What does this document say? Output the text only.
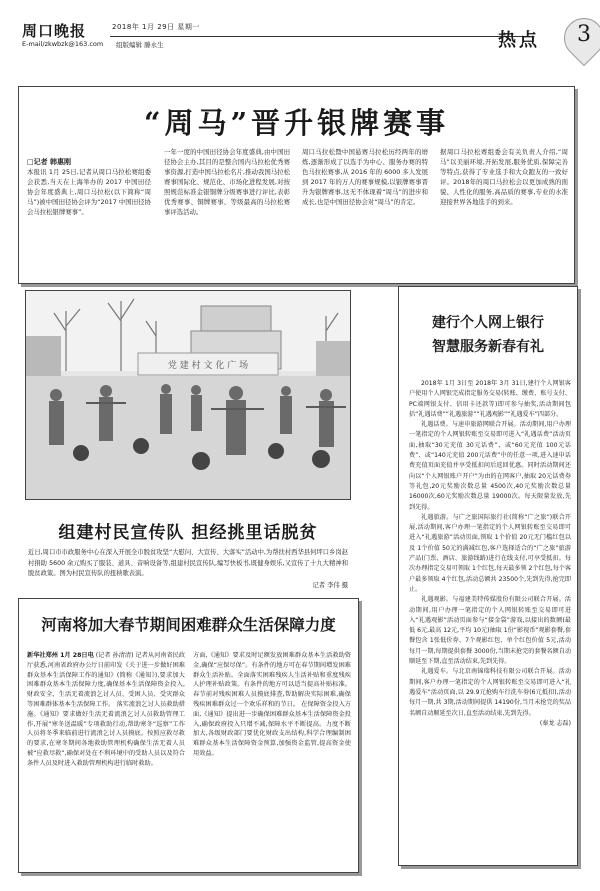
周口晚报	2018年 1月 29日 星期一
E-mail/zkwbzk@163.com 组版编辑 滕永生	热点	3
“周马”晋升银牌赛事
□记者 韩惠刚
本报讯 1月 25日,记者从周口马拉松赛组委会获悉,当天在上海举办的 2017 中国田径协会年度盛典上,周口马拉松(以下简称“周马”)被中国田径协会评为“2017 中国田径协会马拉松银牌赛事”。
一年一度的中国田径协会年度盛典,由中国田径协会主办,其目的是整合国内马拉松优秀赛事资源,打造中国马拉松名片,推动我国马拉松赛事国际化、规范化、市场化进程发展,对按照规范标准金银铜牌分级赛事进行评比,表彰优秀赛事、铜牌赛事、等级最高的马拉松赛事评选活动。
周口马拉松暨中国悬赛马拉松历经两年的磨炼,逐渐形成了以选手为中心、服务办赛的特色马拉松赛事,从 2016 年的 6000 多人发展到 2017 年的万人的赛事规模,以银牌赛事晋升为银牌赛事,这无不体现着“周马”的进步和成长,也是中国田径协会对“周马”的肯定。
据周口马拉松赛组委会有关负责人介绍,“周马”以美丽环境,开拓发展,服务优质,保障完善等特点,获得了专业选手和大众跑友的一致好评。2018年的周口马拉松会以更加成熟的面貌、人性化的服务,高品质的赛事,专业的水准迎接世界各地选手的到来。
党 建 村 文 化 广 场
组建村民宣传队 担经挑里话脱贫
近日,周口市市政服务中心在深入开展全市脱贫攻坚“大慰问、大宣传、大落实”活动中,为帮扶村西华县何坪口乡岗赵村捐助 5600 余元购买了服装、道具、音响设备等,组建村民宣传队,编写快板书,既健身娱乐,又宣传了十九大精神和脱贫政策。图为村民宣传队的扭秧歌表演。
记者 李伟 摄
河南将加大春节期间困难群众生活保障力度
新华社郑州 1月 28日电 (记者 孙清清) 记者从河南省民政厅获悉,河南省政府办公厅日前印发《关于进一步做好困难群众基本生活保障工作的通知》(简称《通知》),要求加大困难群众基本生活保障力度,确保基本生活保障资金投入,财政安全、生活无着流浪乞讨人员、受困人员、受灾群众等困难群体基本生活保障工作。 落实流浪乞讨人员救助措施。《通知》要求做好生活无着流浪乞讨人员救助管理工作,开展“寒冬送温暖”专项救助行动,帮助寒冬“巡察”工作人员将冬季来临前进行流浪乞讨人员摸底。按照应救尽救的要求,在寒冬期间各地救助管理机构确保生活无着人员被“应救尽救”,确保对处在不利环境中的受助人员以及符合条件人员及时进入救助管理机构进行临时救助。
方面,《通知》要求及时足额发放困难群众基本生活救助资金,确保“应保尽保”。有条件的地方可在春节期间增发困难群众生活补贴。全面落实困难残疾人生活补贴和重度残疾人护理补贴政策。有条件的地方可以适当提高补贴标准。春节前对残疾困难人员摸底排查,帮助解决实际困难,确保残疾困难群众过一个欢乐祥和的节日。 在保障资金投入方面,《通知》提出进一步确保困难群众基本生活保障资金投入,确保政府投入只增不减,保障水平不断提高。力度不断加大,各级财政部门要优化财政支出结构,科学合理编制困难群众基本生活保障资金预算,加强资金监管,提高资金使用效益。
建行个人网上银行
智慧服务新春有礼

2018年 1月 3日至 2018年 3月 31日,建行个人网银客户使用个人网银完成指定服务交易(转账、缴费、账号支付、PC端网银支付、信用卡还款等)即可参与抽奖,活动期间包括“礼遇话费”“礼遇旅游”“礼遇观影”“礼遇爱车”四部分。

礼遇话费。与速申旅游网联合开展。活动期间,用户办理一笔指定的个人网银转账至交易即可进入“礼遇话费”活动页面,抽取“30元充值 30元话费”、或“60元充值 100元话费”、或“140元充值 200元话费”中的任意一项,进入速申话费充值页面充值并享受抵扣问后返回优惠。同时活动期间还向以“个人网银账户开户”为由的在网客户,抽取 20元话费券等礼包,20元奖励次数总量 4500次,40元奖励次数总量 16000次,60元奖励次数总量 19000次。每天限量发放,先到先得。

礼遇旅游。与广之旅国际旅行社(简称“广之旅”)联合开展,活动期间,客户办理一笔指定的个人网银转账至交易即可进入“礼遇旅游”活动页面,领取 1个价值 20元无门槛红包以及 1个价值 50元的满减红包,客户选择适合的“广之旅”旅游产品(门票、酒店、旅游线路)进行在线支付,可享受抵扣。每次办理指定交易可领取 1个红包,每天最多领 2个红包,每个客户最多领取 4个红包,活动总额共 23500个,先到先得,抢完即止。

礼遇观影。与福建美特传媒股份有限公司联合开展。活动期间,用户办理一笔指定的个人网银转账至交易即可进入“礼遇观影”活动页面参与“接金袋”游戏,以接出的数额(最低 6元,最高 12元,平均 10元)抽取 1份“影视币”观影套餐,套餐包含 1张低价券、7个观影红包、单个红包价值 5元,活动每月一期,每期提供套餐 3000份,当期未抢完的套餐名额自动顺延至下期,直至活动结束,先到先得。

礼遇爱车。与北京南锦瑞科技有限公司联合开展。活动期间,客户办理一笔指定的个人网银转账至交易即可进入“礼遇爱车”活动页面,以 29.9元抢购车行洗车券(6元抵扣),活动每月一期,共 3期,活动期间提供 14190份,当月未抢完的奖品名额自动顺延至次日,直至活动结束,先到先得。

(秦龙 志磊)
